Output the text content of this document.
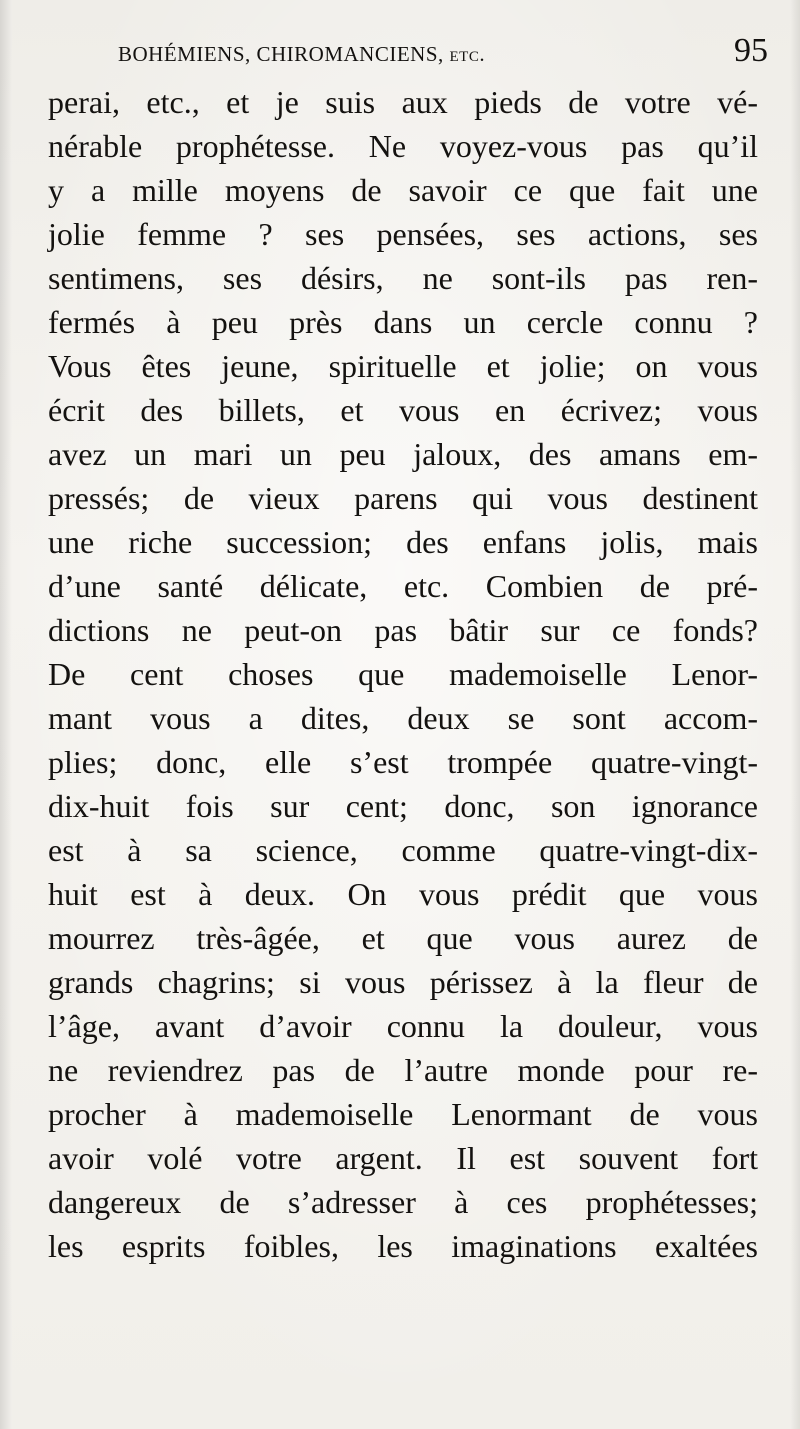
BOHÉMIENS, CHIROMANCIENS, etc.	95
perai, etc., et je suis aux pieds de votre vé-
nérable prophétesse. Ne voyez-vous pas qu’il
y a mille moyens de savoir ce que fait une
jolie femme ? ses pensées, ses actions, ses
sentimens, ses désirs, ne sont-ils pas ren-
fermés à peu près dans un cercle connu ?
Vous êtes jeune, spirituelle et jolie; on vous
écrit des billets, et vous en écrivez; vous
avez un mari un peu jaloux, des amans em-
pressés; de vieux parens qui vous destinent
une riche succession; des enfans jolis, mais
d’une santé délicate, etc. Combien de pré-
dictions ne peut-on pas bâtir sur ce fonds?
De cent choses que mademoiselle Lenor-
mant vous a dites, deux se sont accom-
plies; donc, elle s’est trompée quatre-vingt-
dix-huit fois sur cent; donc, son ignorance
est à sa science, comme quatre-vingt-dix-
huit est à deux. On vous prédit que vous
mourrez très-âgée, et que vous aurez de
grands chagrins; si vous périssez à la fleur de
l’âge, avant d’avoir connu la douleur, vous
ne reviendrez pas de l’autre monde pour re-
procher à mademoiselle Lenormant de vous
avoir volé votre argent. Il est souvent fort
dangereux de s’adresser à ces prophétesses;
les esprits foibles, les imaginations exaltées
